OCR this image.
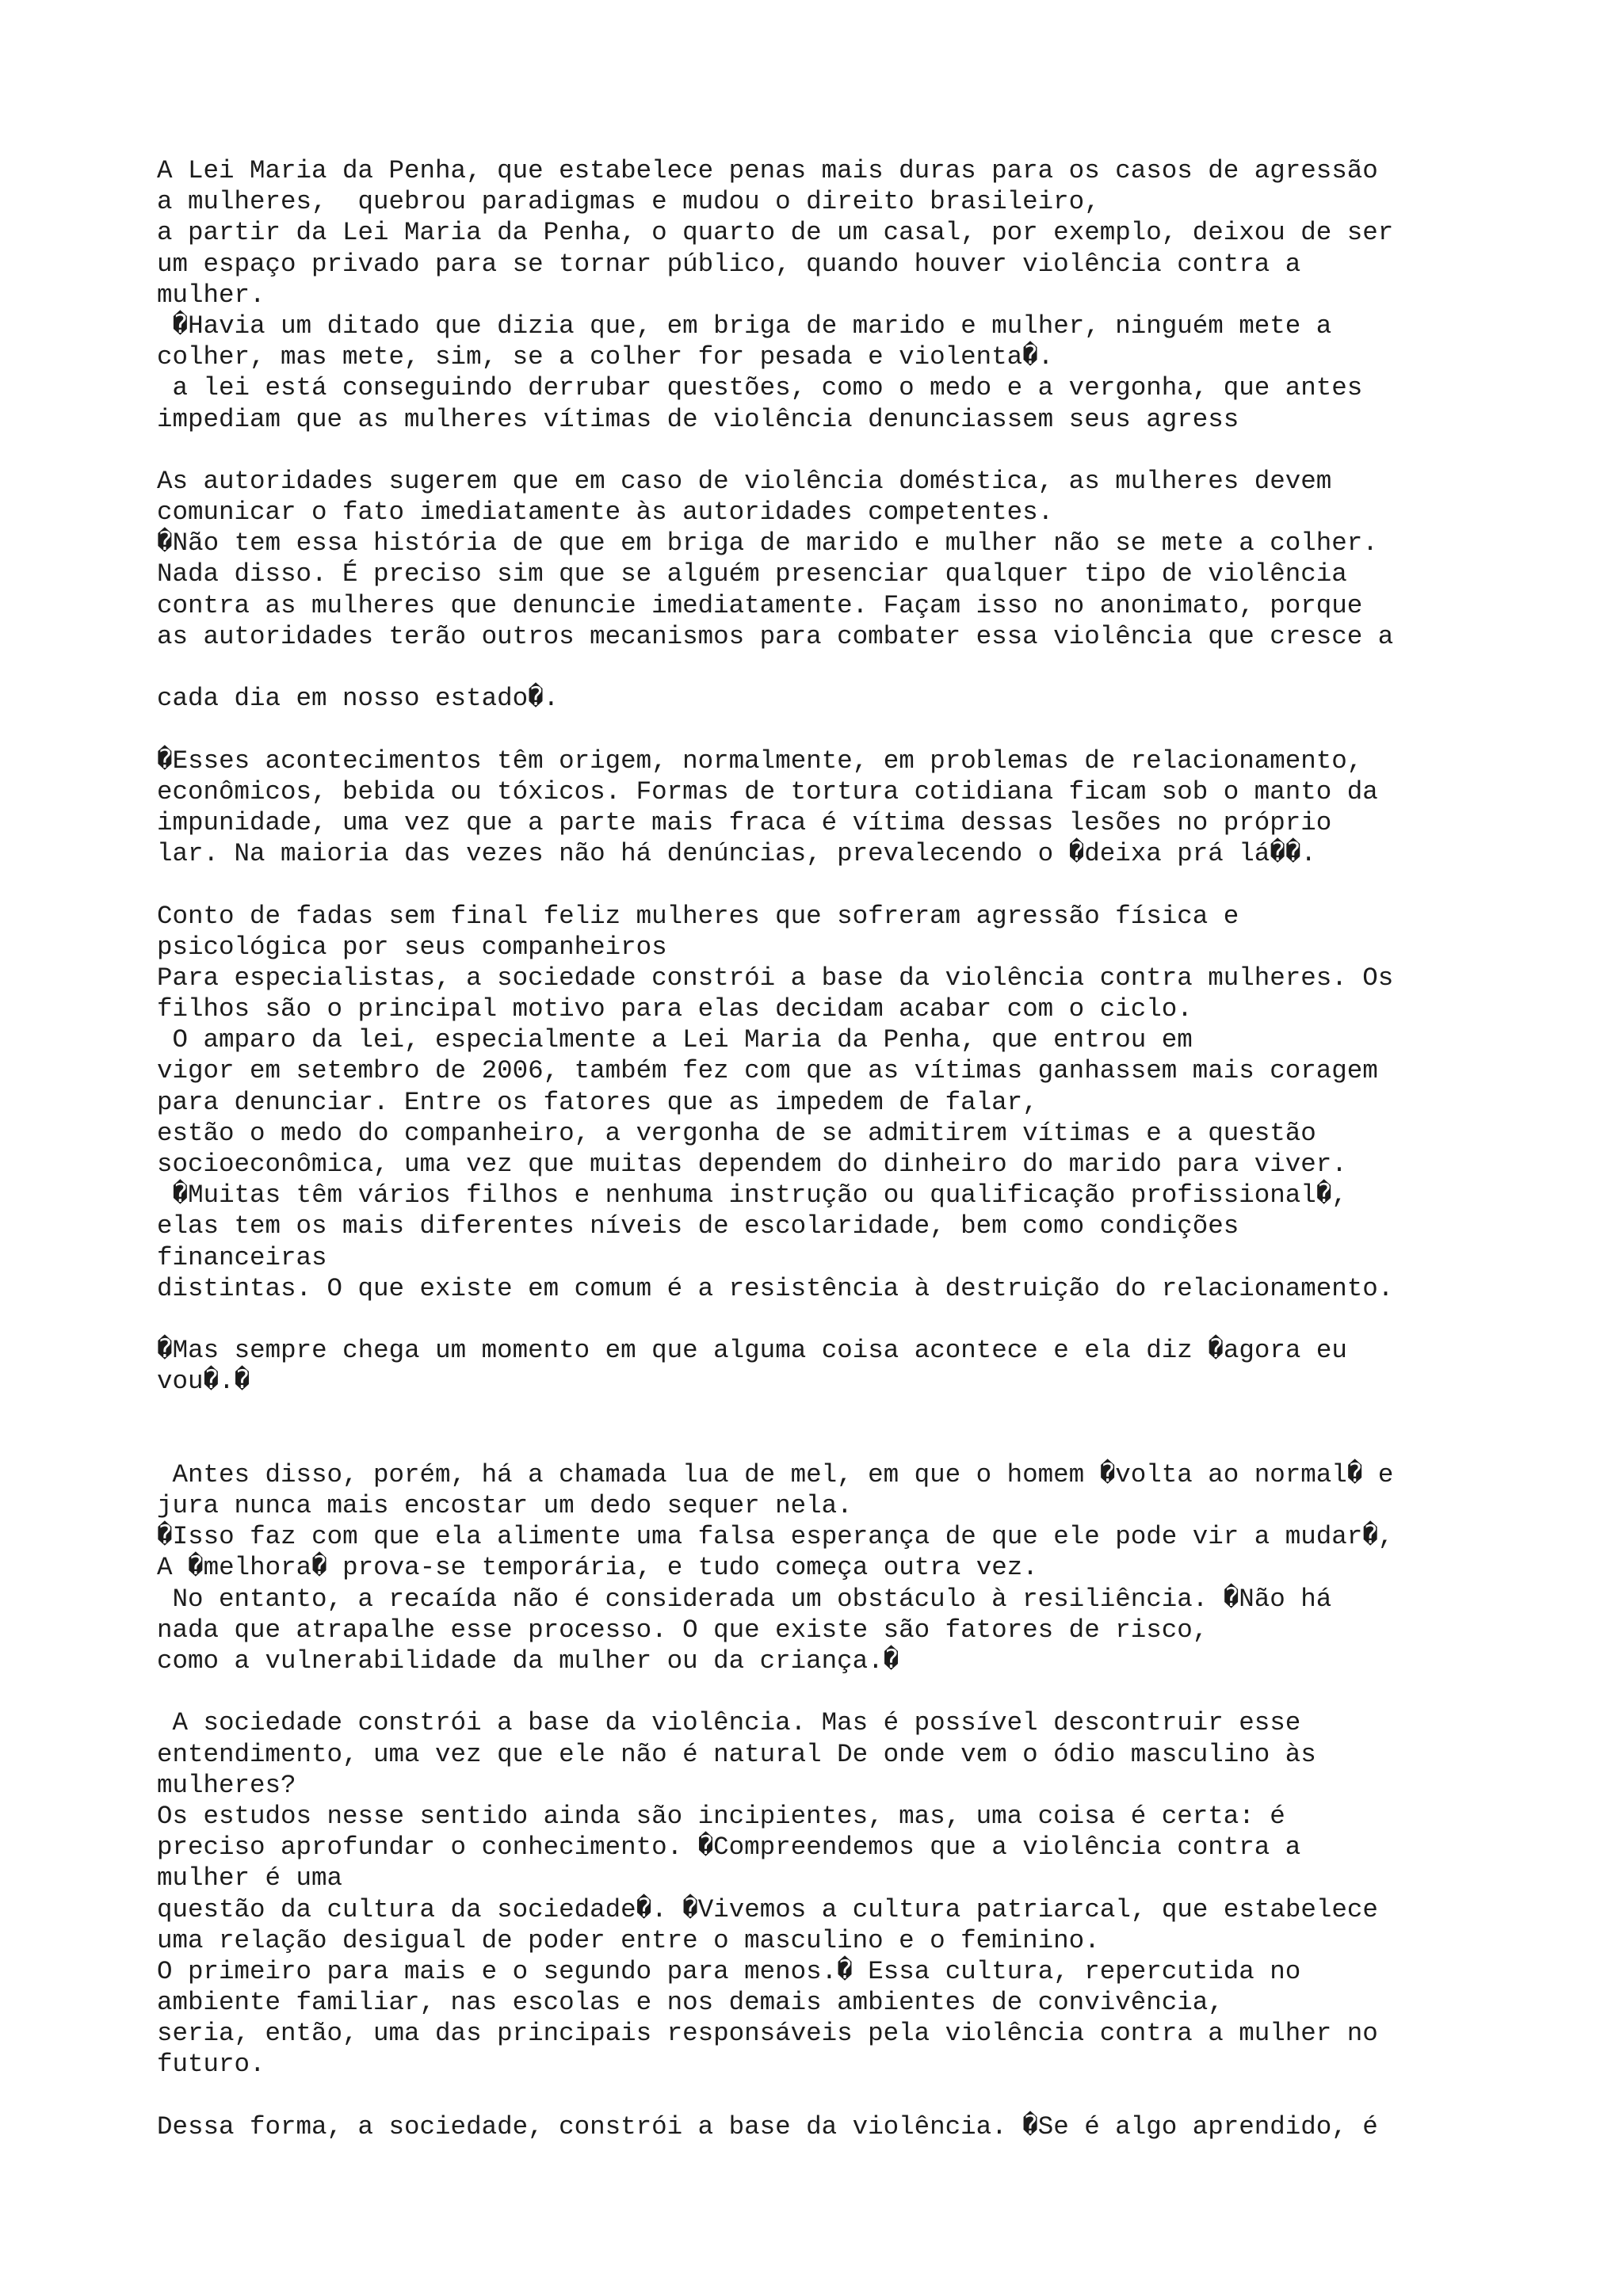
A Lei Maria da Penha, que estabelece penas mais duras para os casos de agressão
a mulheres,  quebrou paradigmas e mudou o direito brasileiro,
a partir da Lei Maria da Penha, o quarto de um casal, por exemplo, deixou de ser
um espaço privado para se tornar público, quando houver violência contra a
mulher.
�Havia um ditado que dizia que, em briga de marido e mulher, ninguém mete a
colher, mas mete, sim, se a colher for pesada e violenta�.
a lei está conseguindo derrubar questões, como o medo e a vergonha, que antes
impediam que as mulheres vítimas de violência denunciassem seus agress
As autoridades sugerem que em caso de violência doméstica, as mulheres devem
comunicar o fato imediatamente às autoridades competentes.
�Não tem essa história de que em briga de marido e mulher não se mete a colher.
Nada disso. É preciso sim que se alguém presenciar qualquer tipo de violência
contra as mulheres que denuncie imediatamente. Façam isso no anonimato, porque
as autoridades terão outros mecanismos para combater essa violência que cresce a
cada dia em nosso estado�.
�Esses acontecimentos têm origem, normalmente, em problemas de relacionamento,
econômicos, bebida ou tóxicos. Formas de tortura cotidiana ficam sob o manto da
impunidade, uma vez que a parte mais fraca é vítima dessas lesões no próprio
lar. Na maioria das vezes não há denúncias, prevalecendo o �deixa prá lá��.
Conto de fadas sem final feliz mulheres que sofreram agressão física e
psicológica por seus companheiros
Para especialistas, a sociedade constrói a base da violência contra mulheres. Os
filhos são o principal motivo para elas decidam acabar com o ciclo.
O amparo da lei, especialmente a Lei Maria da Penha, que entrou em
vigor em setembro de 2006, também fez com que as vítimas ganhassem mais coragem
para denunciar. Entre os fatores que as impedem de falar,
estão o medo do companheiro, a vergonha de se admitirem vítimas e a questão
socioeconômica, uma vez que muitas dependem do dinheiro do marido para viver.
�Muitas têm vários filhos e nenhuma instrução ou qualificação profissional�,
elas tem os mais diferentes níveis de escolaridade, bem como condições
financeiras
distintas. O que existe em comum é a resistência à destruição do relacionamento.
�Mas sempre chega um momento em que alguma coisa acontece e ela diz �agora eu
vou�.�
Antes disso, porém, há a chamada lua de mel, em que o homem �volta ao normal� e
jura nunca mais encostar um dedo sequer nela.
�Isso faz com que ela alimente uma falsa esperança de que ele pode vir a mudar�,
A �melhora� prova-se temporária, e tudo começa outra vez.
No entanto, a recaída não é considerada um obstáculo à resiliência. �Não há
nada que atrapalhe esse processo. O que existe são fatores de risco,
como a vulnerabilidade da mulher ou da criança.�
A sociedade constrói a base da violência. Mas é possível descontruir esse
entendimento, uma vez que ele não é natural De onde vem o ódio masculino às
mulheres?
Os estudos nesse sentido ainda são incipientes, mas, uma coisa é certa: é
preciso aprofundar o conhecimento. �Compreendemos que a violência contra a
mulher é uma
questão da cultura da sociedade�. �Vivemos a cultura patriarcal, que estabelece
uma relação desigual de poder entre o masculino e o feminino.
O primeiro para mais e o segundo para menos.� Essa cultura, repercutida no
ambiente familiar, nas escolas e nos demais ambientes de convivência,
seria, então, uma das principais responsáveis pela violência contra a mulher no
futuro.
Dessa forma, a sociedade, constrói a base da violência. �Se é algo aprendido, é
